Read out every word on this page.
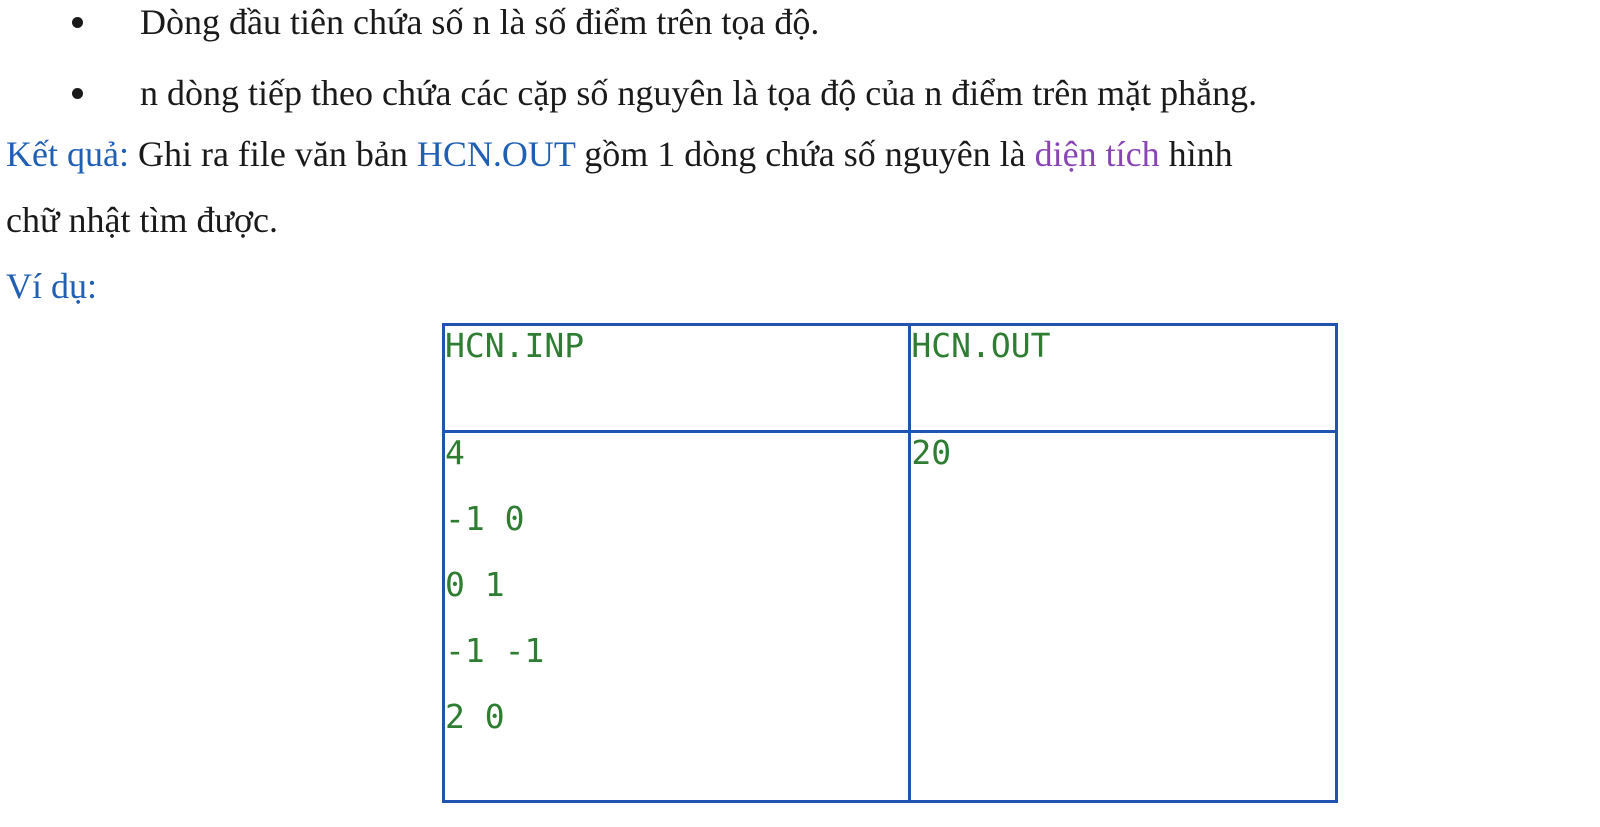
Dòng đầu tiên chứa số n là số điểm trên tọa độ.
n dòng tiếp theo chứa các cặp số nguyên là tọa độ của n điểm trên mặt phẳng.
Kết quả: Ghi ra file văn bản HCN.OUT gồm 1 dòng chứa số nguyên là diện tích hình
chữ nhật tìm được.
Ví dụ:
HCN.INP	HCN.OUT

4
-1 0
0 1
-1 -1
2 0	20
